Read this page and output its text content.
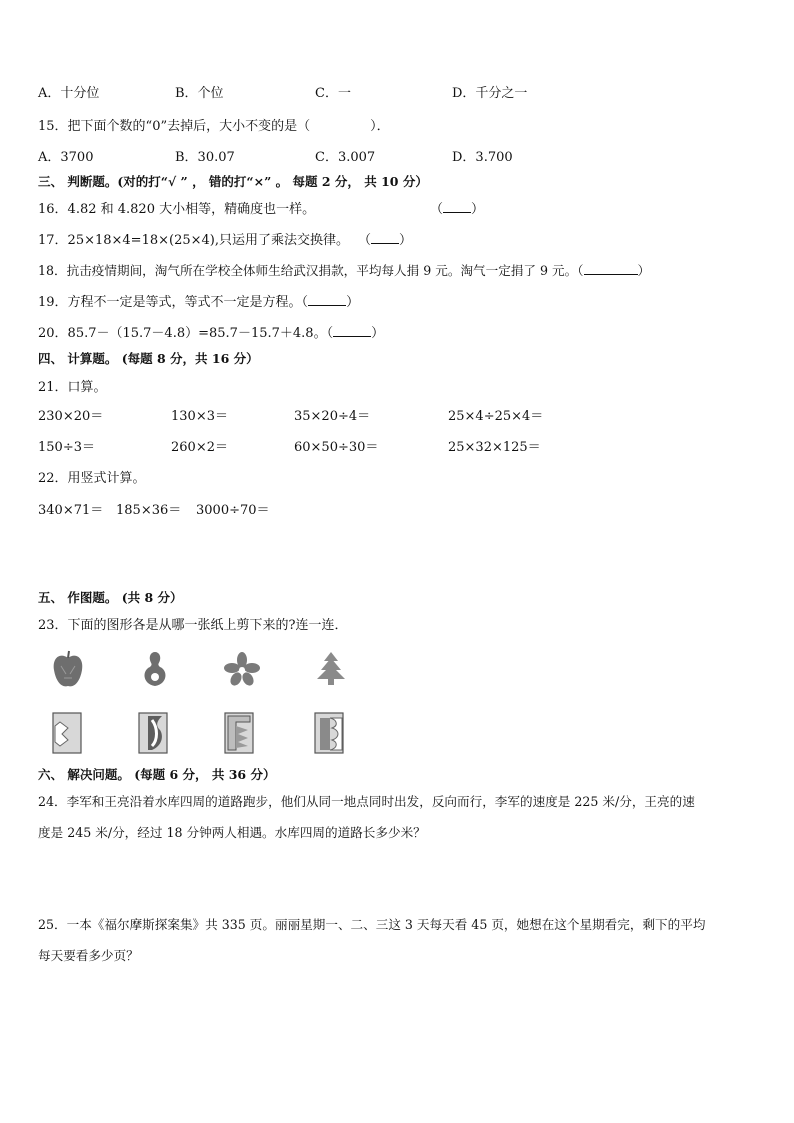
A．十分位	B．个位	C．一	D．千分之一
15．把下面个数的“0”去掉后，大小不变的是（	）．
A．3700	B．30.07	C．3.007	D．3.700
三、 判断题。(对的打“√ ” ， 错的打“×” 。 每题 2 分， 共 10 分）
16．4.82 和 4.820 大小相等，精确度也一样。	（ ）
17．25×18×4=18×(25×4),只运用了乘法交换律。 （ ）
18．抗击疫情期间，淘气所在学校全体师生给武汉捐款，平均每人捐 9 元。淘气一定捐了 9 元。（	）
19．方程不一定是等式，等式不一定是方程。（	）
20．85.7－（15.7－4.8）=85.7－15.7＋4.8。（	）
四、 计算题。 (每题 8 分，共 16 分）
21．口算。
230×20＝	130×3＝	35×20÷4＝	25×4÷25×4＝
150÷3＝	260×2＝	60×50÷30＝	25×32×125＝
22．用竖式计算。
340×71＝ 185×36＝ 3000÷70＝
五、 作图题。 (共 8 分）
23．下面的图形各是从哪一张纸上剪下来的?连一连．
六、 解决问题。 (每题 6 分， 共 36 分）
24．李军和王亮沿着水库四周的道路跑步，他们从同一地点同时出发，反向而行，李军的速度是 225 米/分，王亮的速
度是 245 米/分，经过 18 分钟两人相遇。水库四周的道路长多少米？
25．一本《福尔摩斯探案集》共 335 页。丽丽星期一、二、三这 3 天每天看 45 页，她想在这个星期看完，剩下的平均
每天要看多少页？
